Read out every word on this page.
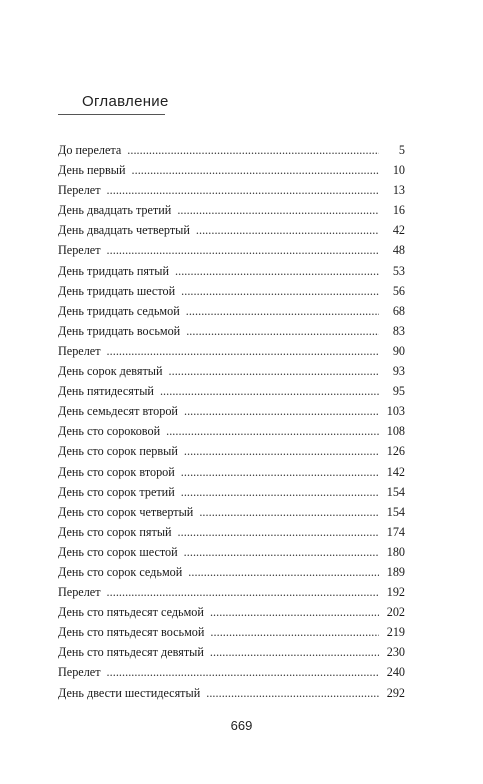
Оглавление
До перелета . . .	5
День первый . . .	10
Перелет . . .	13
День двадцать третий . . .	16
День двадцать четвертый . . .	42
Перелет . . .	48
День тридцать пятый . . .	53
День тридцать шестой . . .	56
День тридцать седьмой . . .	68
День тридцать восьмой . . .	83
Перелет . . .	90
День сорок девятый . . .	93
День пятидесятый . . .	95
День семьдесят второй . . .	103
День сто сороковой . . .	108
День сто сорок первый . . .	126
День сто сорок второй . . .	142
День сто сорок третий . . .	154
День сто сорок четвертый . . .	154
День сто сорок пятый . . .	174
День сто сорок шестой . . .	180
День сто сорок седьмой . . .	189
Перелет . . .	192
День сто пятьдесят седьмой . . .	202
День сто пятьдесят восьмой . . .	219
День сто пятьдесят девятый . . .	230
Перелет . . .	240
День двести шестидесятый . . .	292
669
